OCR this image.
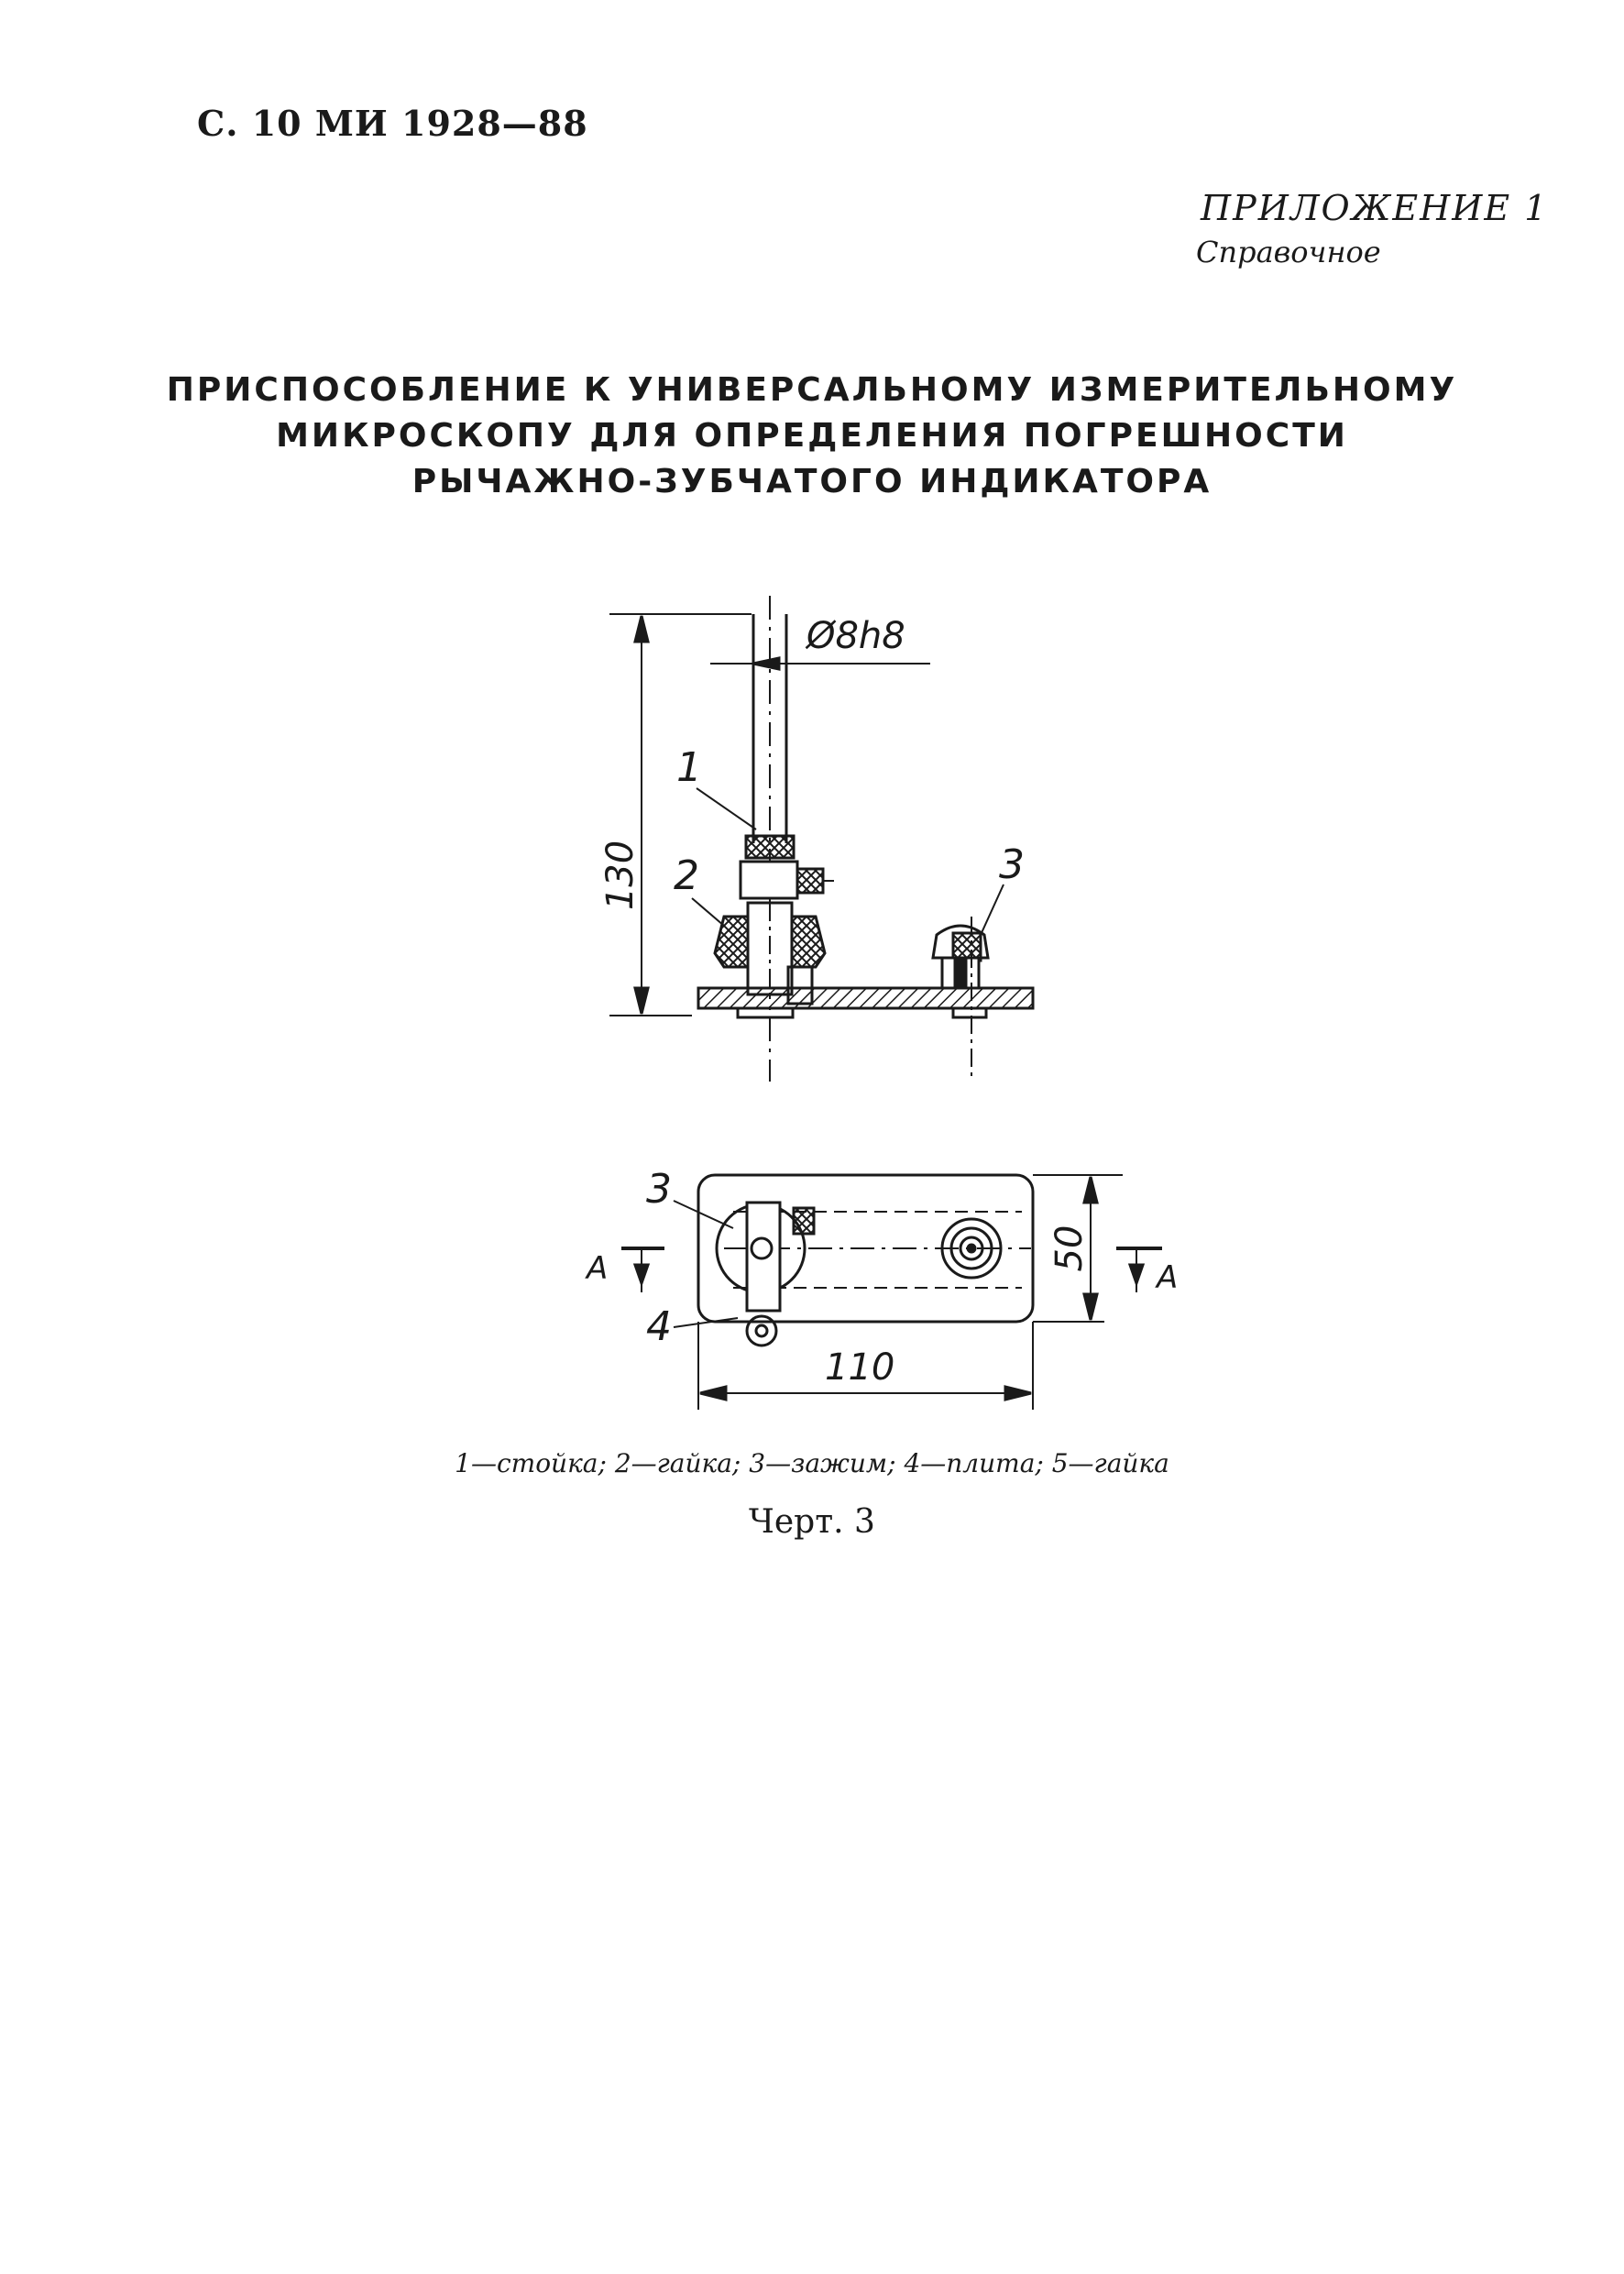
С. 10 МИ 1928—88
ПРИЛОЖЕНИЕ 1
Справочное
ПРИСПОСОБЛЕНИЕ К УНИВЕРСАЛЬНОМУ ИЗМЕРИТЕЛЬНОМУ
МИКРОСКОПУ ДЛЯ ОПРЕДЕЛЕНИЯ ПОГРЕШНОСТИ
РЫЧАЖНО-ЗУБЧАТОГО ИНДИКАТОРА
130
Ø8h8
1
2	3
50
110
A	A
3
4
1—стойка; 2—гайка; 3—зажим; 4—плита; 5—гайка
Черт. 3
